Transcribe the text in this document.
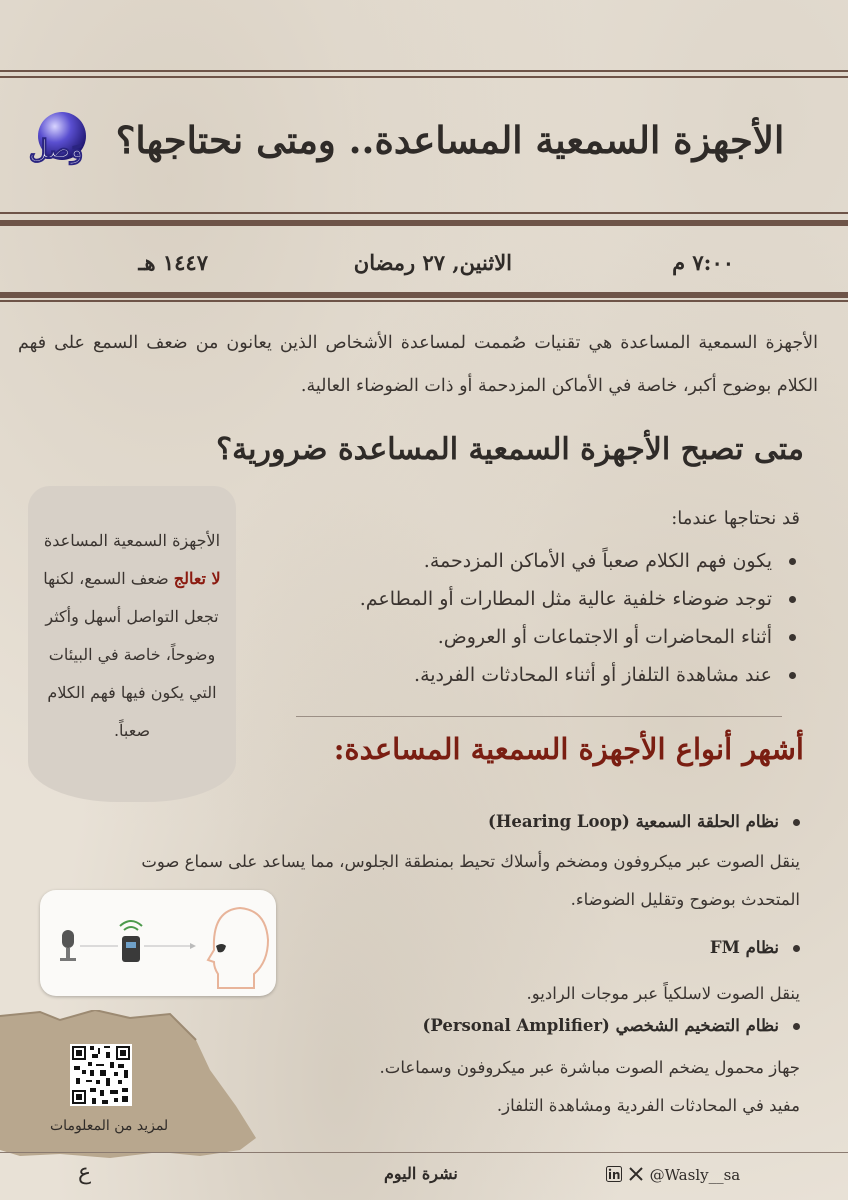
وَصل الأجهزة السمعية المساعدة.. ومتى نحتاجها؟
٧:٠٠ م
الاثنين, ٢٧ رمضان
١٤٤٧ هـ

الأجهزة السمعية المساعدة هي تقنيات صُممت لمساعدة الأشخاص الذين يعانون من ضعف السمع على فهم الكلام بوضوح أكبر، خاصة في الأماكن المزدحمة أو ذات الضوضاء العالية.

متى تصبح الأجهزة السمعية المساعدة ضرورية؟
قد نحتاجها عندما:
يكون فهم الكلام صعباً في الأماكن المزدحمة.
توجد ضوضاء خلفية عالية مثل المطارات أو المطاعم.
أثناء المحاضرات أو الاجتماعات أو العروض.
عند مشاهدة التلفاز أو أثناء المحادثات الفردية.
الأجهزة السمعية المساعدة
لا تعالج ضعف السمع، لكنها تجعل التواصل أسهل وأكثر وضوحاً، خاصة في البيئات التي يكون فيها فهم الكلام صعباً.
أشهر أنواع الأجهزة السمعية المساعدة:
نظام الحلقة السمعية (Hearing Loop)
ينقل الصوت عبر ميكروفون ومضخم وأسلاك تحيط بمنطقة الجلوس، مما يساعد على سماع صوت
المتحدث بوضوح وتقليل الضوضاء.
نظام FM
ينقل الصوت لاسلكياً عبر موجات الراديو.
نظام التضخيم الشخصي (Personal Amplifier)
جهاز محمول يضخم الصوت مباشرة عبر ميكروفون وسماعات.
مفيد في المحادثات الفردية ومشاهدة التلفاز.
لمزيد من المعلومات
ع	نشرة اليوم	@Wasly__sa
